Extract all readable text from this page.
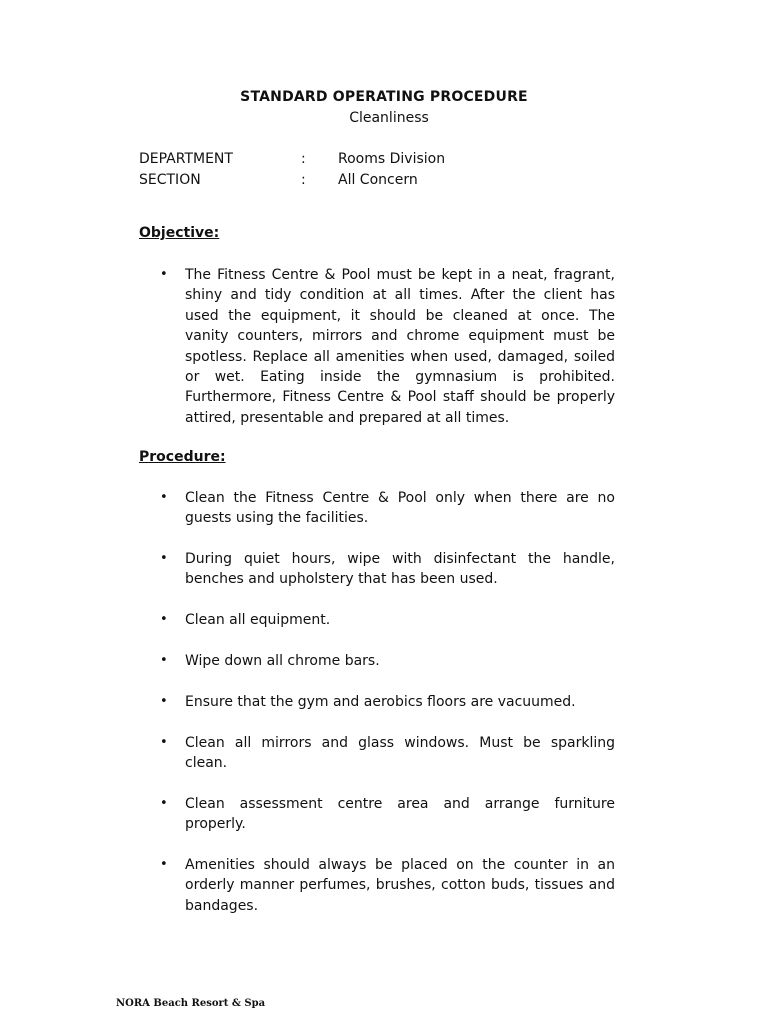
STANDARD OPERATING PROCEDURE
Cleanliness
DEPARTMENT	: Rooms Division
SECTION	: All Concern
Objective:
• The Fitness Centre & Pool must be kept in a neat, fragrant, shiny and tidy condition at all times. After the client has used the equipment, it should be cleaned at once. The vanity counters, mirrors and chrome equipment must be spotless. Replace all amenities when used, damaged, soiled or wet. Eating inside the gymnasium is prohibited. Furthermore, Fitness Centre & Pool staff should be properly attired, presentable and prepared at all times.

Procedure:
• Clean the Fitness Centre & Pool only when there are no guests using the facilities.

• During quiet hours, wipe with disinfectant the handle, benches and upholstery that has been used.

• Clean all equipment.

• Wipe down all chrome bars.

• Ensure that the gym and aerobics floors are vacuumed.

• Clean all mirrors and glass windows. Must be sparkling clean.

• Clean assessment centre area and arrange furniture properly.

• Amenities should always be placed on the counter in an orderly manner perfumes, brushes, cotton buds, tissues and bandages.

NORA Beach Resort & Spa
